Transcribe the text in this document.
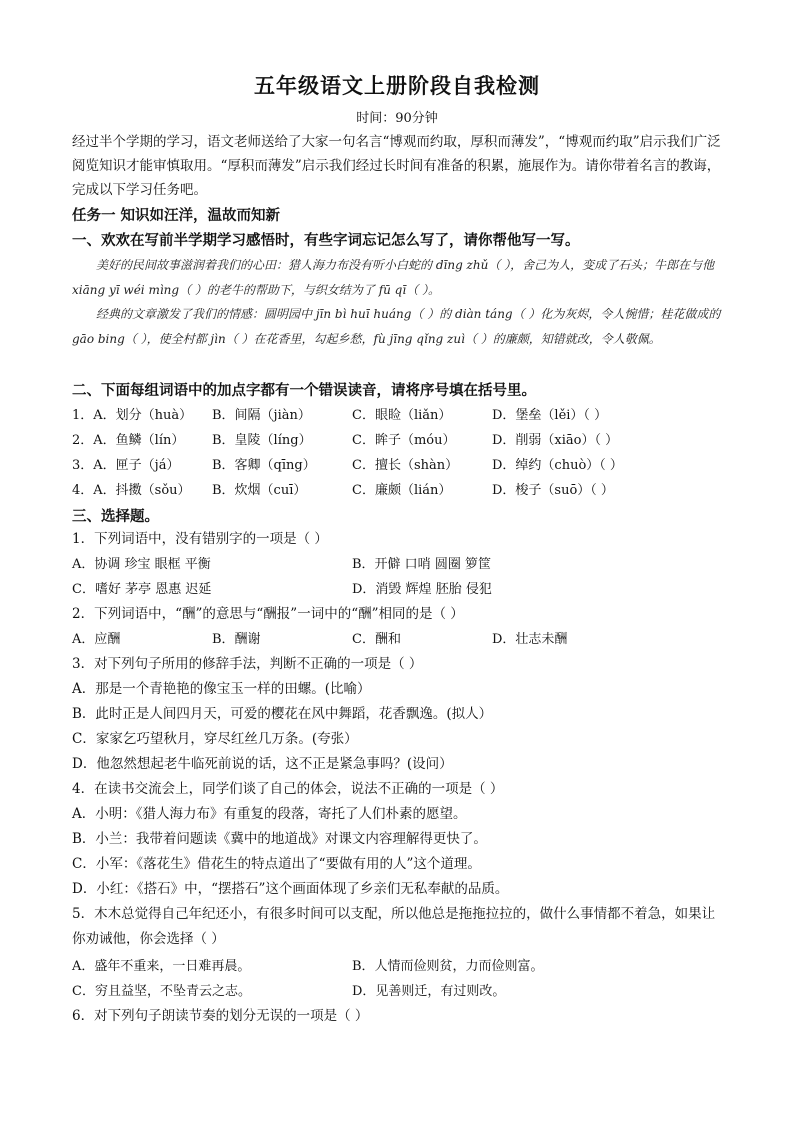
五年级语文上册阶段自我检测
时间：90分钟
经过半个学期的学习，语文老师送给了大家一句名言“博观而约取，厚积而薄发”，“博观而约取”启示我们广泛阅览知识才能审慎取用。“厚积而薄发”启示我们经过长时间有准备的积累，施展作为。请你带着名言的教诲，完成以下学习任务吧。
任务一 知识如汪洋，温故而知新
一、欢欢在写前半学期学习感悟时，有些字词忘记怎么写了，请你帮他写一写。
美好的民间故事滋润着我们的心田：猎人海力布没有听小白蛇的 dīng zhǔ（ ），舍己为人，变成了石头；牛郎在与他 xiāng yī wéi mìng（ ）的老牛的帮助下，与织女结为了 fū qī（ ）。
经典的文章激发了我们的情感：圆明园中 jīn bì huī huáng（ ）的 diàn táng（ ）化为灰烬，令人惋惜；桂花做成的 gāo bing（ ），使全村都 jìn（ ）在花香里，勾起乡愁，fù jīng qǐng zuì（ ）的廉颇，知错就改，令人敬佩。
二、下面每组词语中的加点字都有一个错误读音，请将序号填在括号里。
1．A．划分（huà） B．间隔（jiàn）	C．眼睑（liǎn）	D．堡垒（lěi）（ ）
2．A．鱼鳞（lín） B．皇陵（líng）	C．眸子（móu）	D．削弱（xiāo）（ ）
3．A．匣子（já）	B．客卿（qīng）	C．擅长（shàn）	D．绰约（chuò）（ ）
4．A．抖擞（sǒu） B．炊烟（cuī）	C．廉颇（lián）	D．梭子（suō）（ ）
三、选择题。
1．下列词语中，没有错别字的一项是（ ）
A．协调 珍宝 眼框 平衡	B．开僻 口哨 圆圈 箩筐
C．嗜好 茅亭 恩惠 迟延	D．消毁 辉煌 胚胎 侵犯
2．下列词语中，“酬”的意思与“酬报”一词中的“酬”相同的是（ ）
A．应酬	B．酬谢	C．酬和	D．壮志未酬
3．对下列句子所用的修辞手法，判断不正确的一项是（ ）
A．那是一个青艳艳的像宝玉一样的田螺。(比喻）
B．此时正是人间四月天，可爱的樱花在风中舞蹈，花香飘逸。(拟人）
C．家家乞巧望秋月，穿尽红丝几万条。(夸张）
D．他忽然想起老牛临死前说的话，这不正是紧急事吗？(设问）
4．在读书交流会上，同学们谈了自己的体会，说法不正确的一项是（ ）
A．小明：《猎人海力布》有重复的段落，寄托了人们朴素的愿望。
B．小兰：我带着问题读《冀中的地道战》对课文内容理解得更快了。
C．小军：《落花生》借花生的特点道出了“要做有用的人”这个道理。
D．小红：《搭石》中，“摆搭石”这个画面体现了乡亲们无私奉献的品质。
5．木木总觉得自己年纪还小，有很多时间可以支配，所以他总是拖拖拉拉的，做什么事情都不着急，如果让你劝诫他，你会选择（ ）
A．盛年不重来，一日难再晨。	B．人情而俭则贫，力而俭则富。
C．穷且益坚，不坠青云之志。	D．见善则迁，有过则改。
6．对下列句子朗读节奏的划分无误的一项是（ ）
